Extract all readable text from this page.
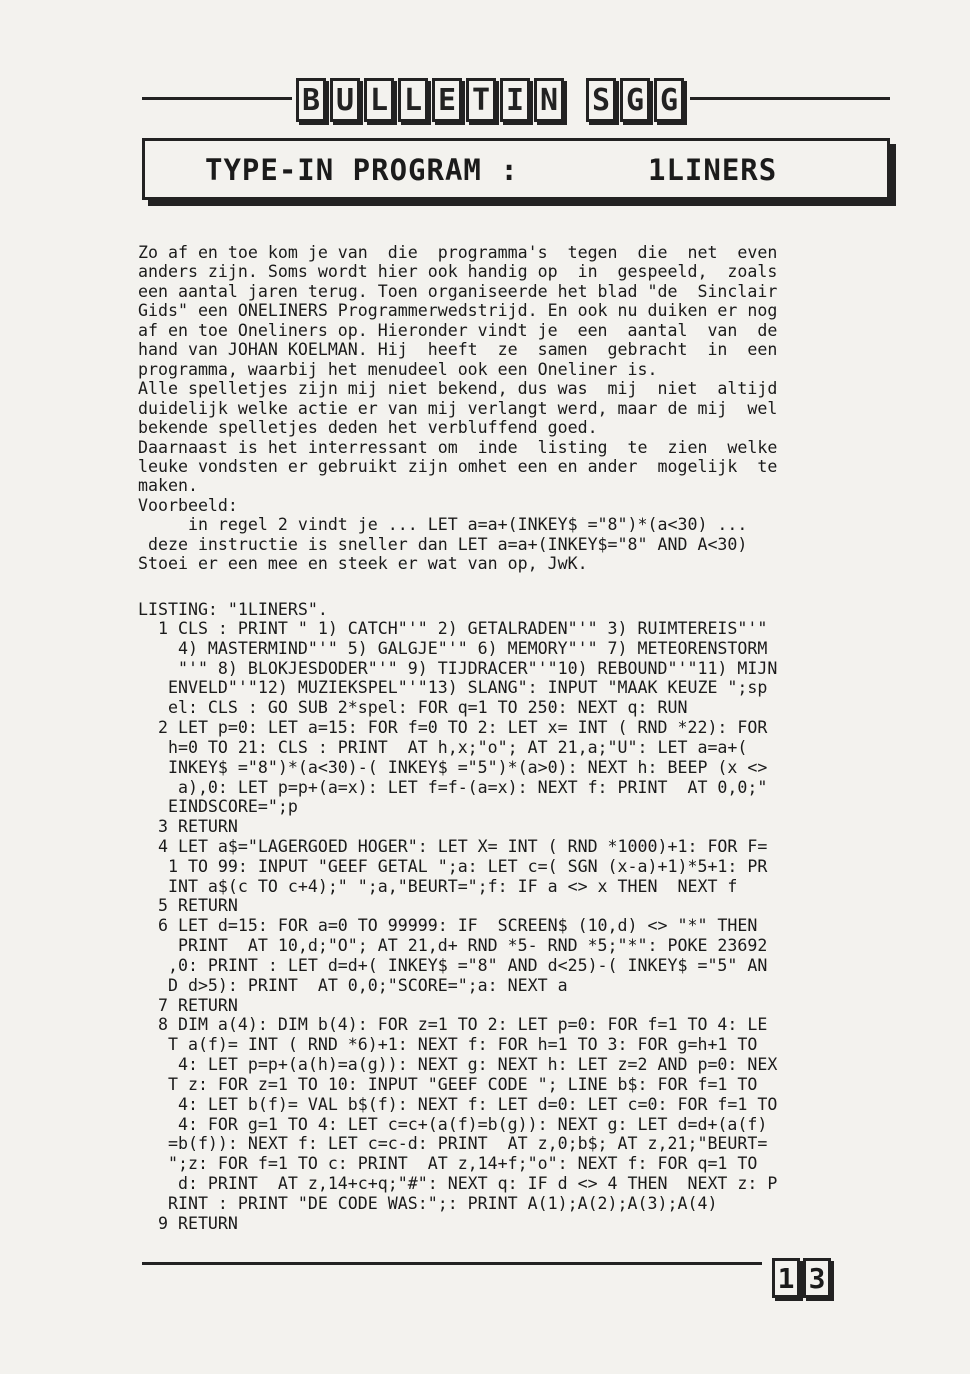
B U L L E T I N S G G
TYPE-IN PROGRAM :	1LINERS
Zo af en toe kom je van  die  programma's  tegen  die  net  even
anders zijn. Soms wordt hier ook handig op  in  gespeeld,  zoals
een aantal jaren terug. Toen organiseerde het blad "de  Sinclair
Gids" een ONELINERS Programmerwedstrijd. En ook nu duiken er nog
af en toe Oneliners op. Hieronder vindt je  een  aantal  van  de
hand van JOHAN KOELMAN. Hij  heeft  ze  samen  gebracht  in  een
programma, waarbij het menudeel ook een Oneliner is.
Alle spelletjes zijn mij niet bekend, dus was  mij  niet  altijd
duidelijk welke actie er van mij verlangt werd, maar de mij  wel
bekende spelletjes deden het verbluffend goed.
Daarnaast is het interressant om  inde  listing  te  zien  welke
leuke vondsten er gebruikt zijn omhet een en ander  mogelijk  te
maken.
Voorbeeld:
in regel 2 vindt je ... LET a=a+(INKEY$ ="8")*(a<30) ...
deze instructie is sneller dan LET a=a+(INKEY$="8" AND A<30)
Stoei er een mee en steek er wat van op, JwK.
LISTING: "1LINERS".
1 CLS : PRINT " 1) CATCH"'" 2) GETALRADEN"'" 3) RUIMTEREIS"'"
4) MASTERMIND"'" 5) GALGJE"'" 6) MEMORY"'" 7) METEORENSTORM
"'" 8) BLOKJESDODER"'" 9) TIJDRACER"'"10) REBOUND"'"11) MIJN
ENVELD"'"12) MUZIEKSPEL"'"13) SLANG": INPUT "MAAK KEUZE ";sp
el: CLS : GO SUB 2*spel: FOR q=1 TO 250: NEXT q: RUN
2 LET p=0: LET a=15: FOR f=0 TO 2: LET x= INT ( RND *22): FOR
h=0 TO 21: CLS : PRINT  AT h,x;"o"; AT 21,a;"U": LET a=a+(
INKEY$ ="8")*(a<30)-( INKEY$ ="5")*(a>0): NEXT h: BEEP (x <>
a),0: LET p=p+(a=x): LET f=f-(a=x): NEXT f: PRINT  AT 0,0;"
EINDSCORE=";p
3 RETURN
4 LET a$="LAGERGOED HOGER": LET X= INT ( RND *1000)+1: FOR F=
1 TO 99: INPUT "GEEF GETAL ";a: LET c=( SGN (x-a)+1)*5+1: PR
INT a$(c TO c+4);" ";a,"BEURT=";f: IF a <> x THEN  NEXT f
5 RETURN
6 LET d=15: FOR a=0 TO 99999: IF  SCREEN$ (10,d) <> "*" THEN
PRINT  AT 10,d;"O"; AT 21,d+ RND *5- RND *5;"*": POKE 23692
,0: PRINT : LET d=d+( INKEY$ ="8" AND d<25)-( INKEY$ ="5" AN
D d>5): PRINT  AT 0,0;"SCORE=";a: NEXT a
7 RETURN
8 DIM a(4): DIM b(4): FOR z=1 TO 2: LET p=0: FOR f=1 TO 4: LE
T a(f)= INT ( RND *6)+1: NEXT f: FOR h=1 TO 3: FOR g=h+1 TO
4: LET p=p+(a(h)=a(g)): NEXT g: NEXT h: LET z=2 AND p=0: NEX
T z: FOR z=1 TO 10: INPUT "GEEF CODE "; LINE b$: FOR f=1 TO
4: LET b(f)= VAL b$(f): NEXT f: LET d=0: LET c=0: FOR f=1 TO
4: FOR g=1 TO 4: LET c=c+(a(f)=b(g)): NEXT g: LET d=d+(a(f)
=b(f)): NEXT f: LET c=c-d: PRINT  AT z,0;b$; AT z,21;"BEURT=
";z: FOR f=1 TO c: PRINT  AT z,14+f;"o": NEXT f: FOR q=1 TO
d: PRINT  AT z,14+c+q;"#": NEXT q: IF d <> 4 THEN  NEXT z: P
RINT : PRINT "DE CODE WAS:";: PRINT A(1);A(2);A(3);A(4)
9 RETURN
1 3
